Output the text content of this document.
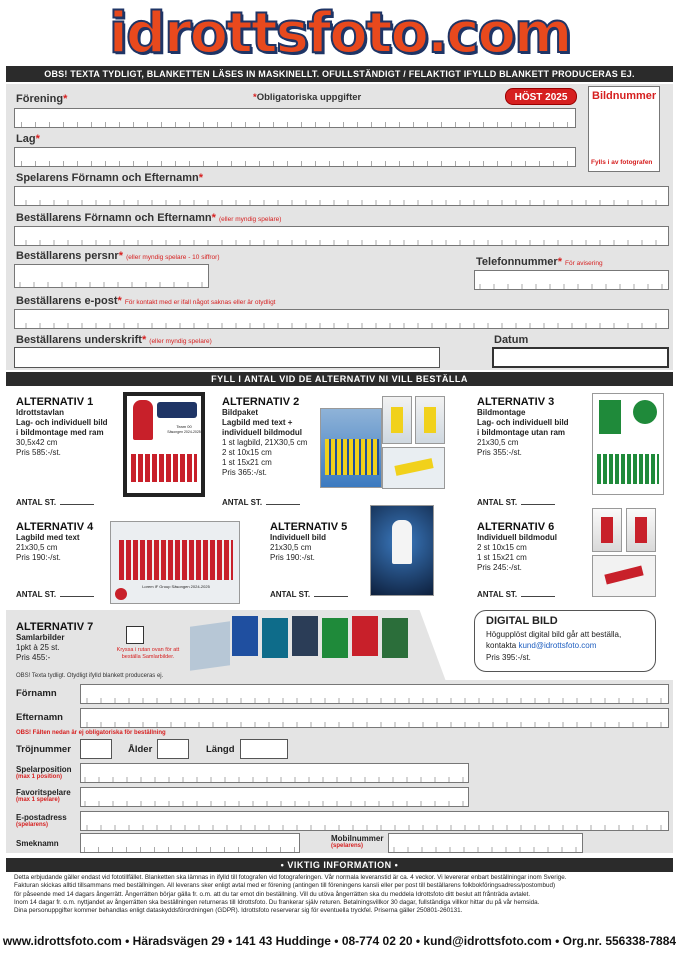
idrottsfoto.com
OBS! TEXTA TYDLIGT, BLANKETTEN LÄSES IN MASKINELLT. OFULLSTÄNDIGT / FELAKTIGT IFYLLD BLANKETT PRODUCERAS EJ.
Förening*	*Obligatoriska uppgifter	HÖST 2025	Bildnummer
Fylls i av fotografen
Lag*
Spelarens Förnamn och Efternamn*
Beställarens Förnamn och Efternamn* (eller myndig spelare)
Beställarens persnr* (eller myndig spelare - 10 siffror)	Telefonnummer* För avisering
Beställarens e-post* För kontakt med er ifall något saknas eller är otydligt
Beställarens underskrift* (eller myndig spelare)	Datum
FYLL I ANTAL VID DE ALTERNATIV NI VILL BESTÄLLA
ALTERNATIV 1
Idrottstavlan
Lag- och individuell bild
i bildmontage med ram
30,5x42 cm
Pris 585:-/st.
Team 00
Säsongen 2024-2025
ANTAL ST.
ALTERNATIV 2
Bildpaket
Lagbild med text +
individuell bildmodul
1 st lagbild, 21X30,5 cm
2 st 10x15 cm
1 st 15x21 cm
Pris 365:-/st.
ANTAL ST.
ALTERNATIV 3
Bildmontage
Lag- och individuell bild
i bildmontage utan ram
21x30,5 cm
Pris 355:-/st.
ANTAL ST.
ALTERNATIV 4
Lagbild med text
21x30,5 cm
Pris 190:-/st.
Lorem IF Group Säsongen 2024-2025
ANTAL ST.
ALTERNATIV 5
Individuell bild
21x30,5 cm
Pris 190:-/st.
ANTAL ST.
ALTERNATIV 6
Individuell bildmodul
2 st 10x15 cm
1 st 15x21 cm
Pris 245:-/st.
ANTAL ST.
ALTERNATIV 7
Samlarbilder
1pkt à 25 st.
Pris 455:-
Kryssa i rutan ovan för att beställa Samlarbilder.
DIGITAL BILD
Högupplöst digital bild går att beställa,
kontakta kund@idrottsfoto.com
Pris 395:-/st.
OBS! Texta tydligt. Otydligt ifylld blankett produceras ej.
Förnamn
Efternamn
OBS! Fälten nedan är ej obligatoriska för beställning
Tröjnummer	Ålder	Längd
Spelarposition
(max 1 position)
Favoritspelare
(max 1 spelare)
E-postadress
(spelarens)
Smeknamn
Mobilnummer
(spelarens)
• VIKTIG INFORMATION •
Detta erbjudande gäller endast vid fototillfället. Blanketten ska lämnas in ifylld till fotografen vid fotograferingen. Vår normala leveranstid är ca. 4 veckor. Vi levererar enbart beställningar inom Sverige.
Fakturan skickas alltid tillsammans med beställningen. All leverans sker enligt avtal med er förening (antingen till föreningens kansli eller per post till beställarens folkbokföringsadress/postombud)
för påseende med 14 dagars ångerrätt. Ångerrätten börjar gälla fr. o.m. att du tar emot din beställning. Vill du utöva ångerrätten ska du meddela Idrottsfoto ditt beslut att frånträda avtalet.
Inom 14 dagar fr. o.m. nyttjandet av ångerrätten ska beställningen returneras till Idrottsfoto. Du frankerar själv returen. Betalningsvillkor 30 dagar, fullständiga villkor hittar du på vår hemsida.
Dina personuppgifter kommer behandlas enligt dataskyddsförordningen (GDPR). Idrottsfoto reserverar sig för eventuella tryckfel. Priserna gäller 250801-260131.
www.idrottsfoto.com • Häradsvägen 29 • 141 43 Huddinge • 08-774 02 20 • kund@idrottsfoto.com • Org.nr. 556338-7884
